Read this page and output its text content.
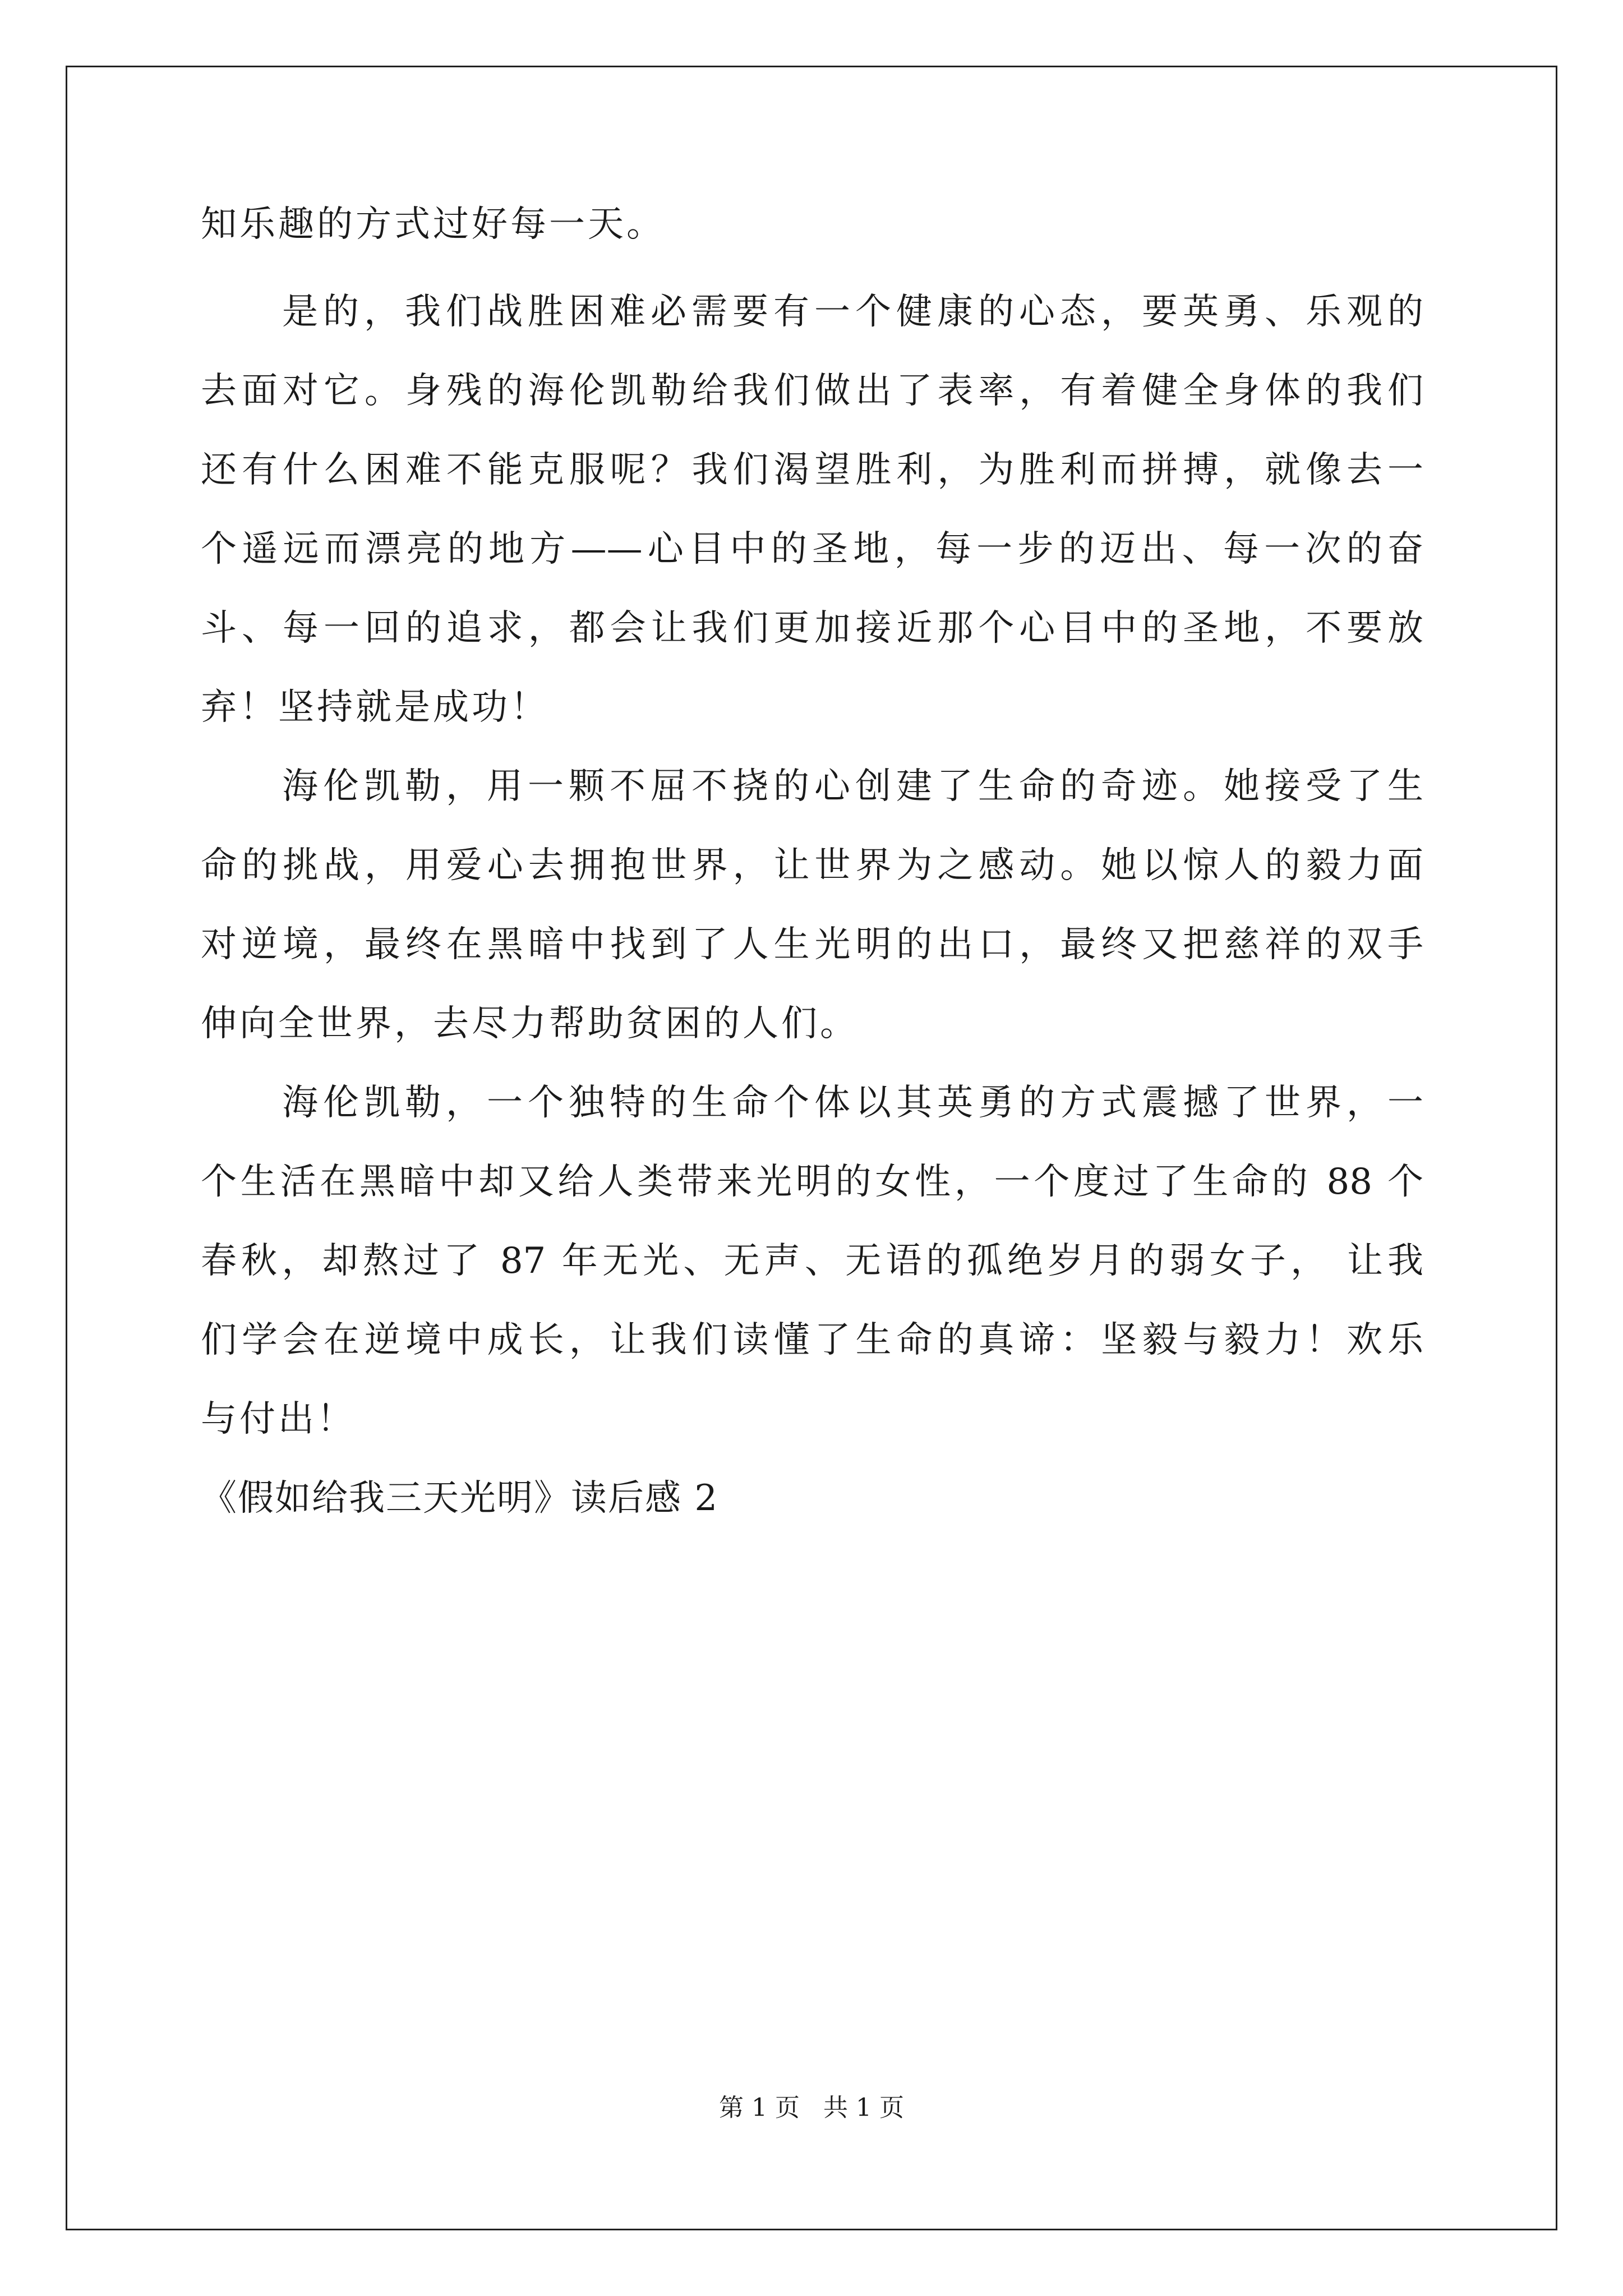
知乐趣的方式过好每一天。
是的，我们战胜困难必需要有一个健康的心态，要英勇、乐观的
去面对它。身残的海伦凯勒给我们做出了表率，有着健全身体的我们
还有什么困难不能克服呢？我们渴望胜利，为胜利而拼搏，就像去一
个遥远而漂亮的地方——心目中的圣地，每一步的迈出、每一次的奋
斗、每一回的追求，都会让我们更加接近那个心目中的圣地，不要放
弃！坚持就是成功！
海伦凯勒，用一颗不屈不挠的心创建了生命的奇迹。她接受了生
命的挑战，用爱心去拥抱世界，让世界为之感动。她以惊人的毅力面
对逆境，最终在黑暗中找到了人生光明的出口，最终又把慈祥的双手
伸向全世界，去尽力帮助贫困的人们。
海伦凯勒，一个独特的生命个体以其英勇的方式震撼了世界，一
个生活在黑暗中却又给人类带来光明的女性，一个度过了生命的 88 个
春秋，却熬过了 87 年无光、无声、无语的孤绝岁月的弱女子， 让我
们学会在逆境中成长，让我们读懂了生命的真谛：坚毅与毅力！欢乐
与付出！
《假如给我三天光明》读后感 2
第 1 页   共 1 页
